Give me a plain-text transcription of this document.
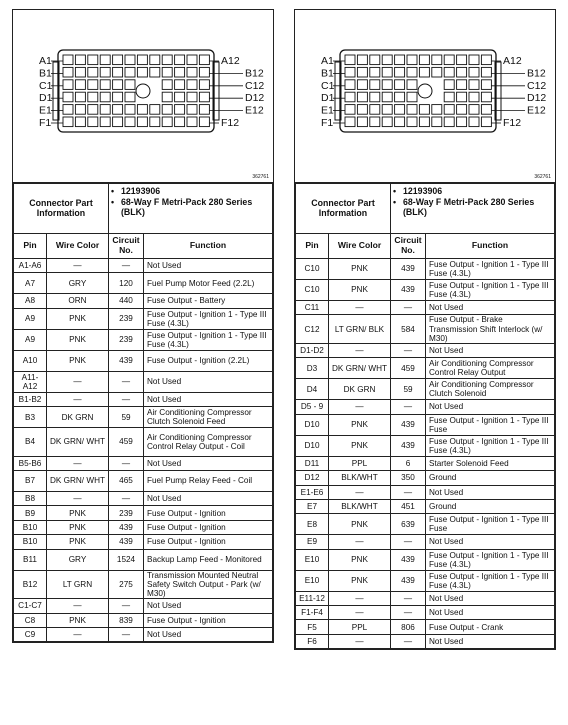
A1
B1
C1
D1
E1
F1
A12
B12
C12
D12
E12
F12
362761
Connector Part Information		• 12193906
• 68-Way F Metri-Pack 280 Series (BLK)	

Pin	Wire Color	Circuit No.	Function
A1-A6	—	—	Not Used
A7	GRY	120	Fuel Pump Motor Feed (2.2L)
A8	ORN	440	Fuse Output - Battery
A9	PNK	239	Fuse Output - Ignition 1 - Type III Fuse (4.3L)
A9	PNK	239	Fuse Output - Ignition 1 - Type III Fuse (4.3L)
A10	PNK	439	Fuse Output - Ignition (2.2L)
A11-A12	—	—	Not Used
B1-B2	—	—	Not Used
B3	DK GRN	59	Air Conditioning Compressor Clutch Solenoid Feed
B4	DK GRN/ WHT	459	Air Conditioning Compressor Control Relay Output - Coil
B5-B6	—	—	Not Used
B7	DK GRN/ WHT	465	Fuel Pump Relay Feed - Coil
B8	—	—	Not Used
B9	PNK	239	Fuse Output - Ignition
B10	PNK	439	Fuse Output - Ignition
B10	PNK	439	Fuse Output - Ignition
B11	GRY	1524	Backup Lamp Feed - Monitored
B12	LT GRN	275	Transmission Mounted Neutral Safety Switch Output - Park (w/ M30)
C1-C7	—	—	Not Used
C8	PNK	839	Fuse Output - Ignition
C9	—	—	Not Used
A1
B1
C1
D1
E1
F1
A12
B12
C12
D12
E12
F12
362761
Connector Part Information		• 12193906
• 68-Way F Metri-Pack 280 Series (BLK)	

Pin	Wire Color	Circuit No.	Function
C10	PNK	439	Fuse Output - Ignition 1 - Type III Fuse (4.3L)
C10	PNK	439	Fuse Output - Ignition 1 - Type III Fuse (4.3L)
C11	—	—	Not Used
C12	LT GRN/ BLK	584	Fuse Output - Brake Transmission Shift Interlock (w/ M30)
D1-D2	—	—	Not Used
D3	DK GRN/ WHT	459	Air Conditioning Compressor Control Relay Output
D4	DK GRN	59	Air Conditioning Compressor Clutch Solenoid
D5 - 9	—	—	Not Used
D10	PNK	439	Fuse Output - Ignition 1 - Type III Fuse
D10	PNK	439	Fuse Output - Ignition 1 - Type III Fuse (4.3L)
D11	PPL	6	Starter Solenoid Feed
D12	BLK/WHT	350	Ground
E1-E6	—	—	Not Used
E7	BLK/WHT	451	Ground
E8	PNK	639	Fuse Output - Ignition 1 - Type III Fuse
E9	—	—	Not Used
E10	PNK	439	Fuse Output - Ignition 1 - Type III Fuse (4.3L)
E10	PNK	439	Fuse Output - Ignition 1 - Type III Fuse (4.3L)
E11-12	—	—	Not Used
F1-F4	—	—	Not Used
F5	PPL	806	Fuse Output - Crank
F6	—	—	Not Used
